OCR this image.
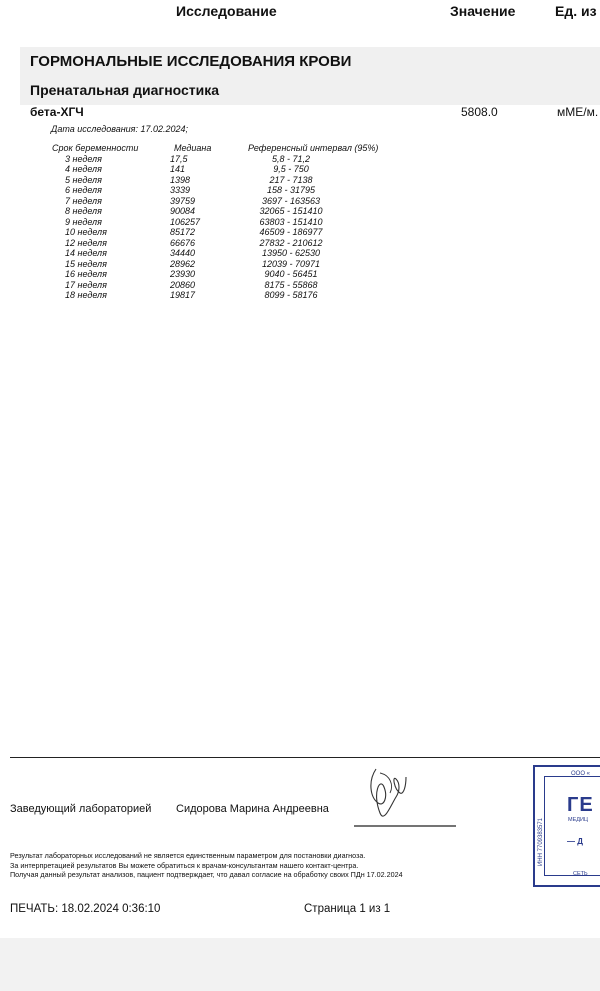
Исследование	Значение	Ед. из
ГОРМОНАЛЬНЫЕ ИССЛЕДОВАНИЯ КРОВИ
Пренатальная диагностика
бета-ХГЧ	5808.0	мМЕ/м.
Дата исследования: 17.02.2024;
Срок беременности	Медиана	Референсный интервал (95%)
3 неделя	17,5	5,8 - 71,2
4 неделя	141	9,5 - 750
5 неделя	1398	217 - 7138
6 неделя	3339	158 - 31795
7 неделя	39759	3697 - 163563
8 неделя	90084	32065 - 151410
9 неделя	106257	63803 - 151410
10 неделя	85172	46509 - 186977
12 неделя	66676	27832 - 210612
14 неделя	34440	13950 - 62530
15 неделя	28962	12039 - 70971
16 неделя	23930	9040 - 56451
17 неделя	20860	8175 - 55868
18 неделя	19817	8099 - 58176
Заведующий лабораторией Сидорова Марина Андреевна
Результат лабораторных исследований не является единственным параметром для постановки диагноза.
За интерпретацией результатов Вы можете обратиться к врачам-консультантам нашего контакт-центра.
Получая данный результат анализов, пациент подтверждает, что давал согласие на обработку своих ПДн 17.02.2024
ПЕЧАТЬ: 18.02.2024 0:36:10	Страница 1 из 1
ООО «
ИНН 7709383571
ГЕ
МЕДИЦ
— Д
СЕТЬ
